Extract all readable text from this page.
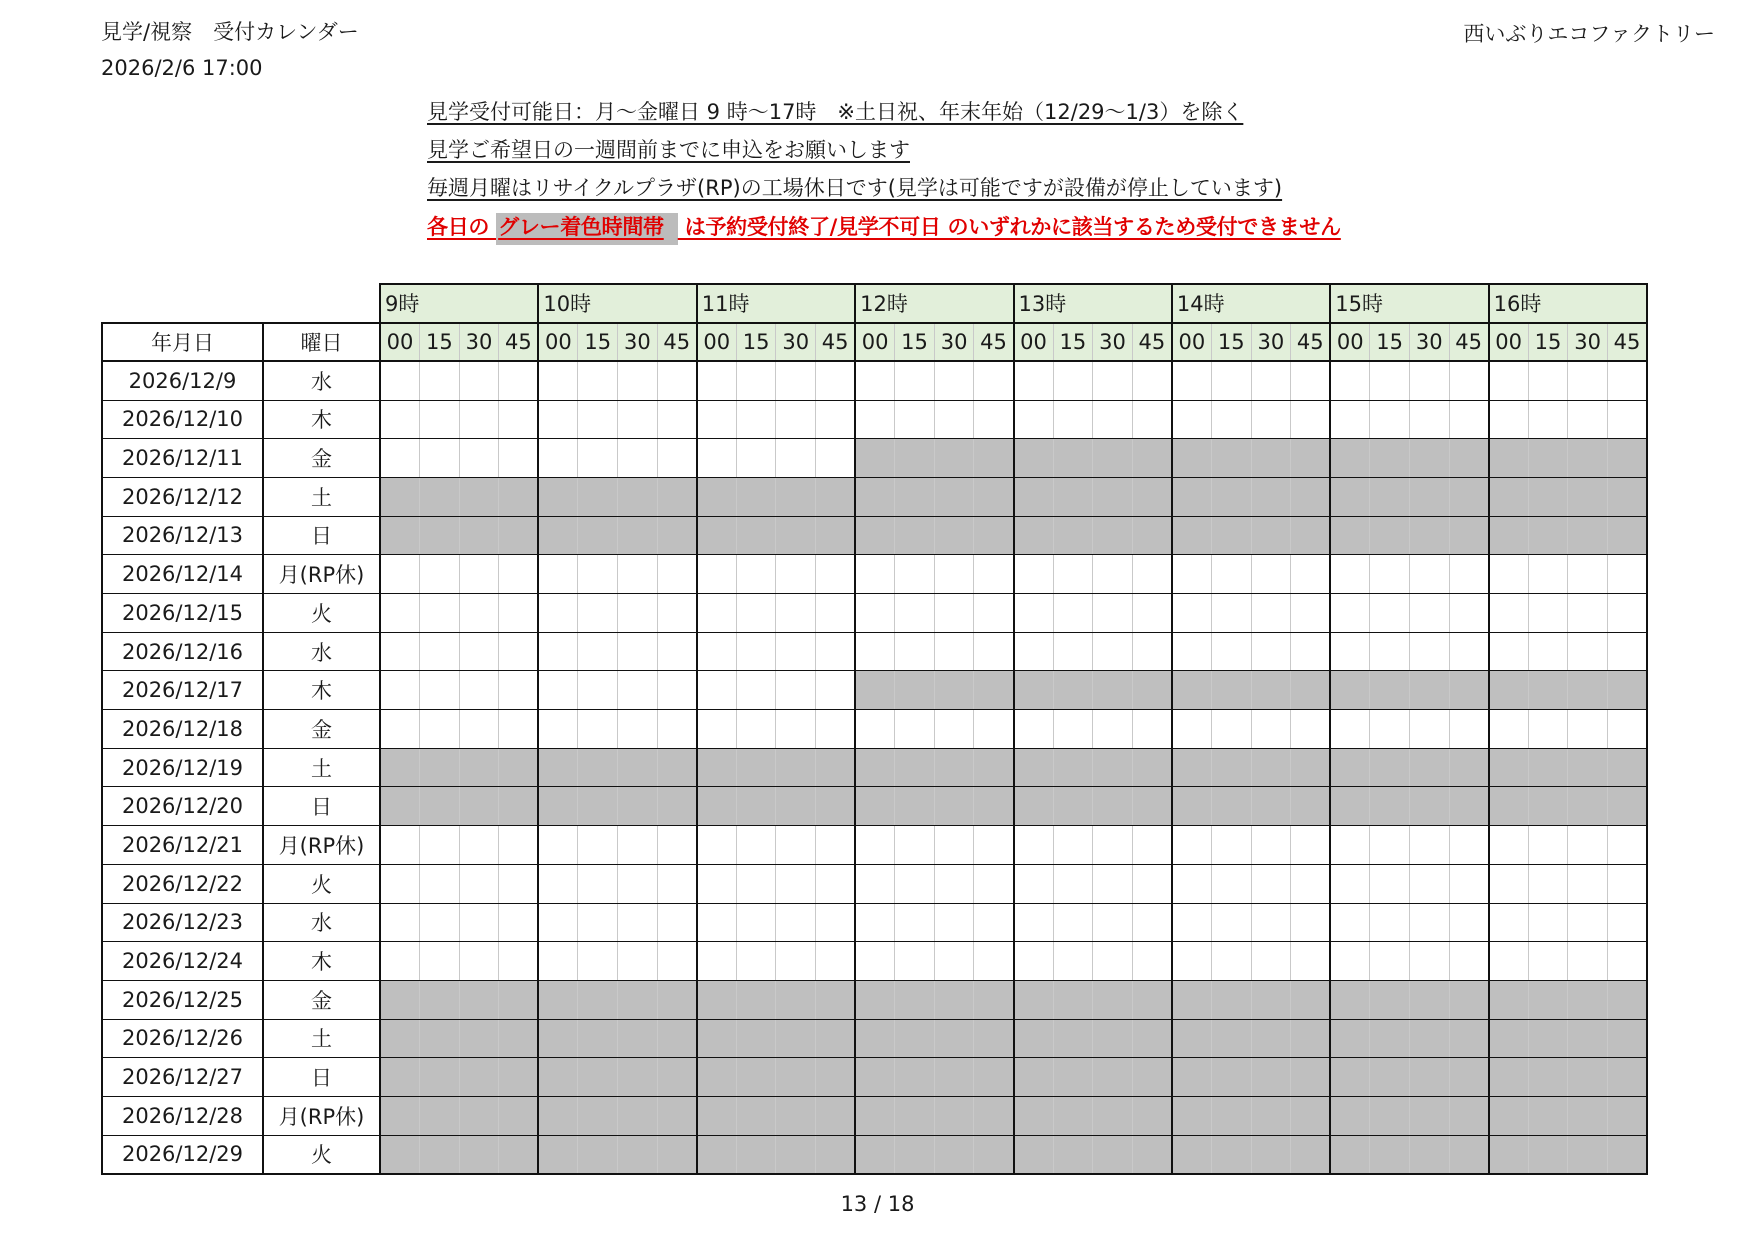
見学/視察　受付カレンダー
2026/2/6 17:00
西いぶりエコファクトリー
見学受付可能日：月〜金曜日 9 時〜17時　※土日祝、年末年始（12/29〜1/3）を除く
見学ご希望日の一週間前までに申込をお願いします
毎週月曜はリサイクルプラザ(RP)の工場休日です(見学は可能ですが設備が停止しています)
各日の グレー着色時間帯 は予約受付終了/見学不可日 のいずれかに該当するため受付できません
		9時				10時				11時				12時				13時				14時				15時				16時			
年月日	曜日	00	15	30	45	00	15	30	45	00	15	30	45	00	15	30	45	00	15	30	45	00	15	30	45	00	15	30	45	00	15	30	45
2026/12/9	水																																
2026/12/10	木																																
2026/12/11	金																																
2026/12/12	土																																
2026/12/13	日																																
2026/12/14	月(RP休)																																
2026/12/15	火																																
2026/12/16	水																																
2026/12/17	木																																
2026/12/18	金																																
2026/12/19	土																																
2026/12/20	日																																
2026/12/21	月(RP休)																																
2026/12/22	火																																
2026/12/23	水																																
2026/12/24	木																																
2026/12/25	金																																
2026/12/26	土																																
2026/12/27	日																																
2026/12/28	月(RP休)																																
2026/12/29	火																																
13 / 18
